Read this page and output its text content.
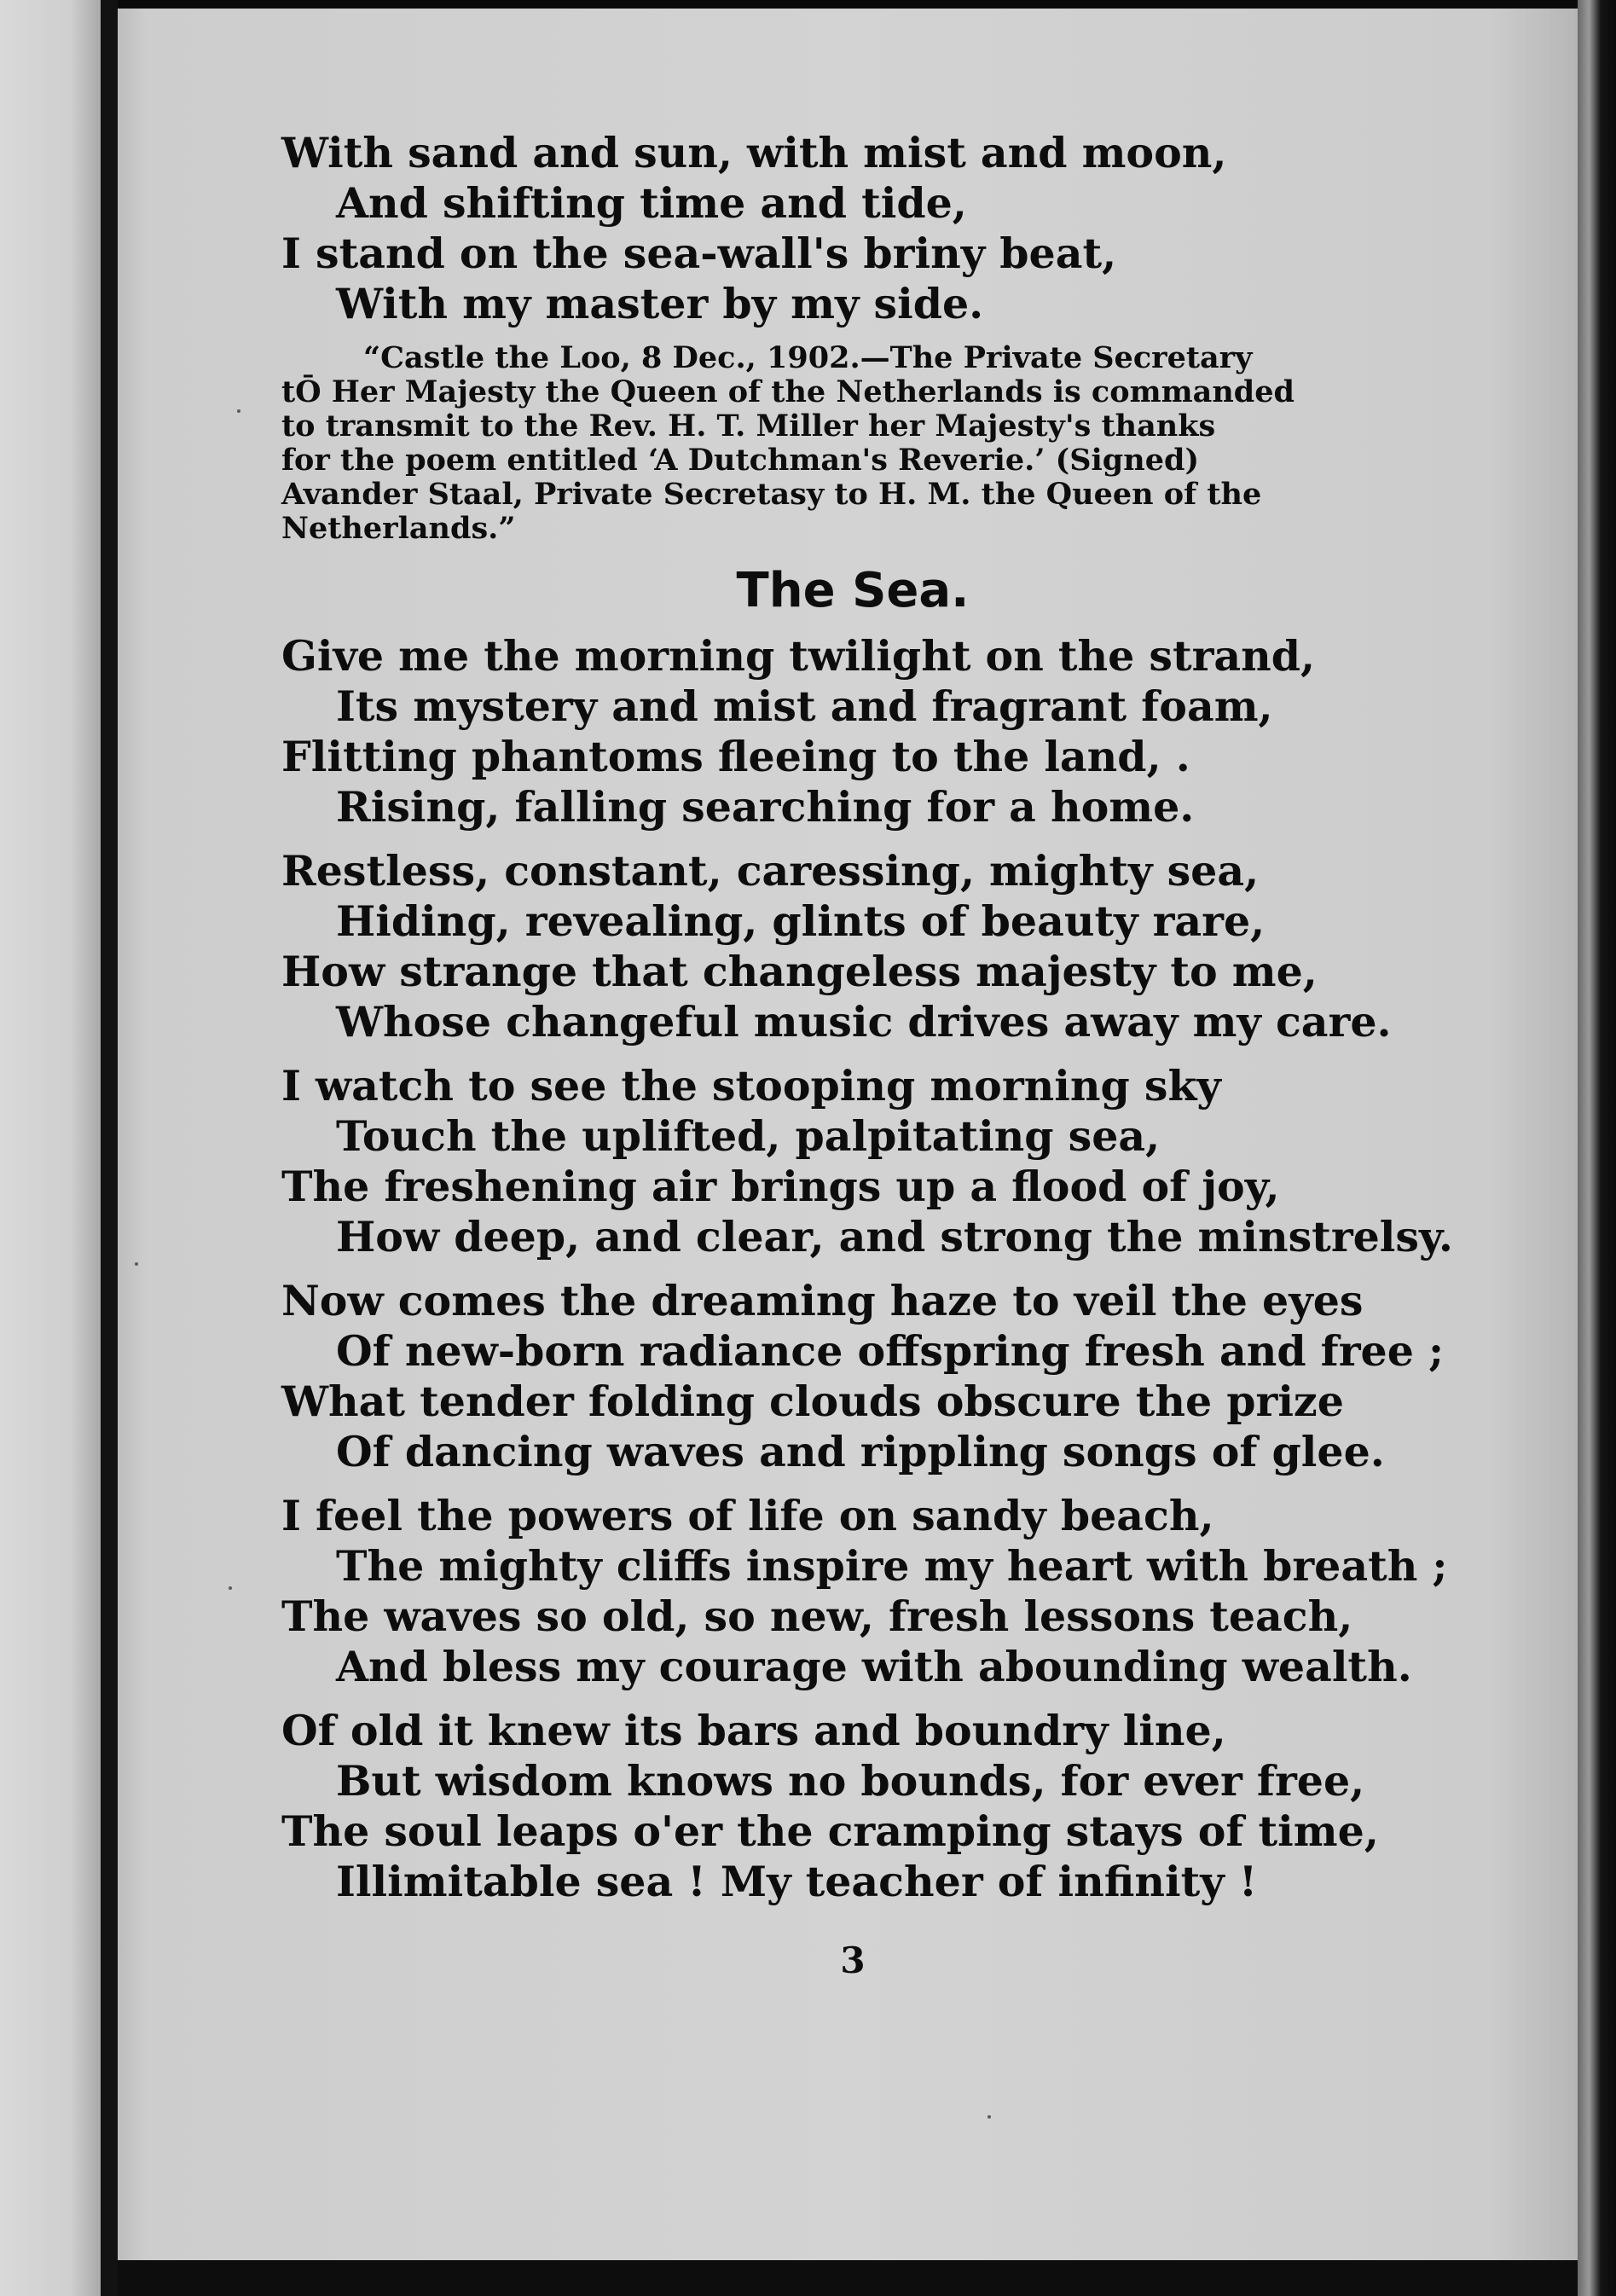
With sand and sun, with mist and moon,
And shifting time and tide,
I stand on the sea-wall's briny beat,
With my master by my side.
“Castle the Loo, 8 Dec., 1902.—The Private Secretary
tŌ Her Majesty the Queen of the Netherlands is commanded
to transmit to the Rev. H. T. Miller her Majesty's thanks
for the poem entitled ‘A Dutchman's Reverie.’ (Signed)
Avander Staal, Private Secretasy to H. M. the Queen of the
Netherlands.”
The Sea.
Give me the morning twilight on the strand,
Its mystery and mist and fragrant foam,
Flitting phantoms fleeing to the land, .
Rising, falling searching for a home.
Restless, constant, caressing, mighty sea,
Hiding, revealing, glints of beauty rare,
How strange that changeless majesty to me,
Whose changeful music drives away my care.
I watch to see the stooping morning sky
Touch the uplifted, palpitating sea,
The freshening air brings up a flood of joy,
How deep, and clear, and strong the minstrelsy.
Now comes the dreaming haze to veil the eyes
Of new-born radiance offspring fresh and free ;
What tender folding clouds obscure the prize
Of dancing waves and rippling songs of glee.
I feel the powers of life on sandy beach,
The mighty cliffs inspire my heart with breath ;
The waves so old, so new, fresh lessons teach,
And bless my courage with abounding wealth.
Of old it knew its bars and boundry line,
But wisdom knows no bounds, for ever free,
The soul leaps o'er the cramping stays of time,
Illimitable sea ! My teacher of infinity !
3
